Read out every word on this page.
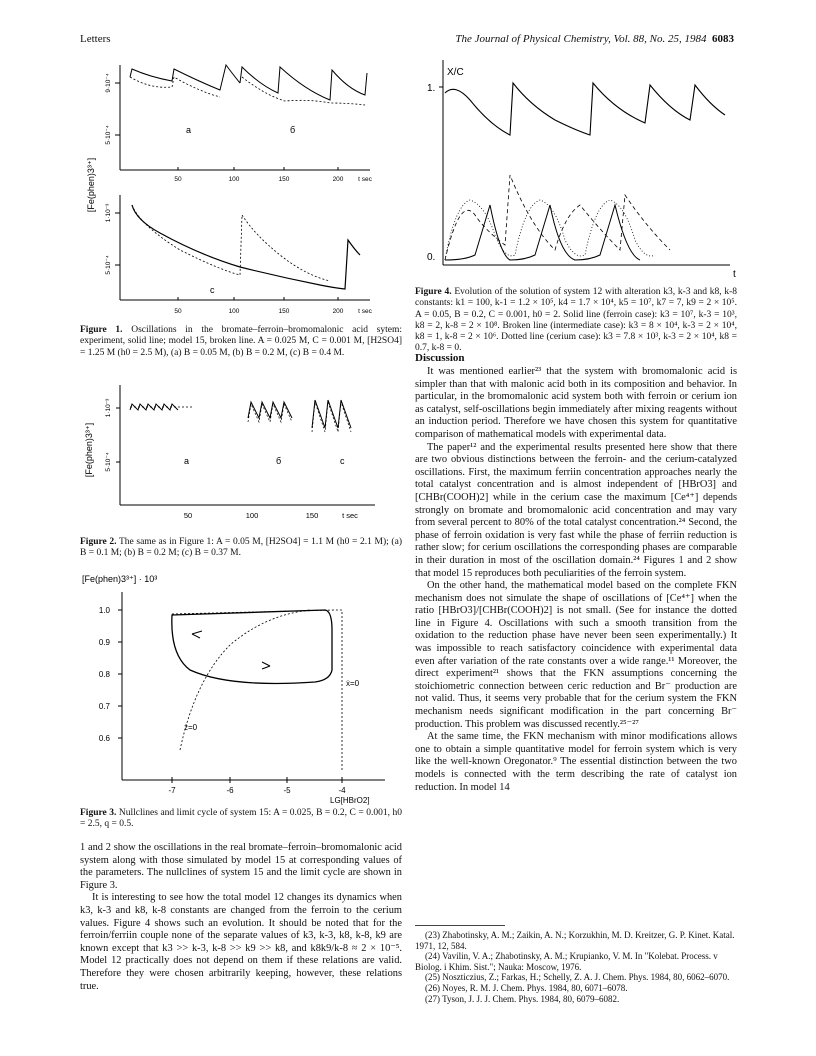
Letters	The Journal of Physical Chemistry, Vol. 88, No. 25, 1984 6083
[Fe(phen)3³⁺]
9·10⁻⁴
5·10⁻⁴	a	б
50	100	150	200 t sec
1·10⁻³
5·10⁻⁴
c
50	100	150	200 t sec
Figure 1. Oscillations in the bromate–ferroin–bromomalonic acid sytem: experiment, solid line; model 15, broken line. A = 0.025 M, C = 0.001 M, [H2SO4] = 1.25 M (h0 = 2.5 M), (a) B = 0.05 M, (b) B = 0.2 M, (c) B = 0.4 M.
[Fe(phen)3³⁺]
1·10⁻³
5·10⁻⁴	a	б	c
50	100	150	t sec
Figure 2. The same as in Figure 1: A = 0.05 M, [H2SO4] = 1.1 M (h0 = 2.1 M); (a) B = 0.1 M; (b) B = 0.2 M; (c) B = 0.37 M.
[Fe(phen)3³⁺] · 10³
1.0
0.9
0.8
0.7
0.6
ẋ=0
ż=0
-7	-6	-5	-4
LG[HBrO2]
Figure 3. Nullclines and limit cycle of system 15: A = 0.025, B = 0.2, C = 0.001, h0 = 2.5, q = 0.5.

1 and 2 show the oscillations in the real bromate–ferroin–bromomalonic acid system along with those simulated by model 15 at corresponding values of the parameters. The nullclines of system 15 and the limit cycle are shown in Figure 3.

It is interesting to see how the total model 12 changes its dynamics when k3, k-3 and k8, k-8 constants are changed from the ferroin to the cerium values. Figure 4 shows such an evolution. It should be noted that for the ferroin/ferriin couple none of the separate values of k3, k-3, k8, k-8, k9 are known except that k3 >> k-3, k-8 >> k9 >> k8, and k8k9/k-8 ≈ 2 × 10⁻⁵. Model 12 practically does not depend on them if these relations are valid. Therefore they were chosen arbitrarily keeping, however, these relations true.

X/C
1.
0.
t
Figure 4. Evolution of the solution of system 12 with alteration k3, k-3 and k8, k-8 constants: k1 = 100, k-1 = 1.2 × 10⁵, k4 = 1.7 × 10⁴, k5 = 10⁷, k7 = 7, k9 = 2 × 10⁵. A = 0.05, B = 0.2, C = 0.001, h0 = 2. Solid line (ferroin case): k3 = 10⁷, k-3 = 10³, k8 = 2, k-8 = 2 × 10⁸. Broken line (intermediate case): k3 = 8 × 10⁴, k-3 = 2 × 10⁴, k8 = 1, k-8 = 2 × 10⁶. Dotted line (cerium case): k3 = 7.8 × 10³, k-3 = 2 × 10⁴, k8 = 0.7, k-8 = 0.
Discussion

It was mentioned earlier²³ that the system with bromomalonic acid is simpler than that with malonic acid both in its composition and behavior. In particular, in the bromomalonic acid system both with ferroin or cerium ion as catalyst, self-oscillations begin immediately after mixing reagents without an induction period. Therefore we have chosen this system for quantitative comparison of mathematical models with experimental data.

The paper¹² and the experimental results presented here show that there are two obvious distinctions between the ferroin- and the cerium-catalyzed oscillations. First, the maximum ferriin concentration approaches nearly the total catalyst concentration and is almost independent of [HBrO3] and [CHBr(COOH)2] while in the cerium case the maximum [Ce⁴⁺] depends strongly on bromate and bromomalonic acid concentration and may vary from several percent to 80% of the total catalyst concentration.²⁴ Second, the phase of ferroin oxidation is very fast while the phase of ferriin reduction is rather slow; for cerium oscillations the corresponding phases are comparable in their duration in most of the oscillation domain.²⁴ Figures 1 and 2 show that model 15 reproduces both peculiarities of the ferroin system.

On the other hand, the mathematical model based on the complete FKN mechanism does not simulate the shape of oscillations of [Ce⁴⁺] when the ratio [HBrO3]/[CHBr(COOH)2] is not small. (See for instance the dotted line in Figure 4. Oscillations with such a smooth transition from the oxidation to the reduction phase have never been seen experimentally.) It was impossible to reach satisfactory coincidence with experimental data even after variation of the rate constants over a wide range.¹¹ Moreover, the direct experiment²¹ shows that the FKN assumptions concerning the stoichiometric connection between ceric reduction and Br⁻ production are not valid. Thus, it seems very probable that for the cerium system the FKN mechanism needs significant modification in the part concerning Br⁻ production. This problem was discussed recently.²⁵⁻²⁷

At the same time, the FKN mechanism with minor modifications allows one to obtain a simple quantitative model for ferroin system which is very like the well-known Oregonator.⁹ The essential distinction between the two models is connected with the term describing the rate of catalyst ion reduction. In model 14

(23) Zhabotinsky, A. M.; Zaikin, A. N.; Korzukhin, M. D. Kreitzer, G. P. Kinet. Katal. 1971, 12, 584.
(24) Vavilin, V. A.; Zhabotinsky, A. M.; Krupianko, V. M. In "Kolebat. Process. v Biolog. i Khim. Sist."; Nauka: Moscow, 1976.
(25) Noszticzius, Z.; Farkas, H.; Schelly, Z. A. J. Chem. Phys. 1984, 80, 6062–6070.
(26) Noyes, R. M. J. Chem. Phys. 1984, 80, 6071–6078.
(27) Tyson, J. J. J. Chem. Phys. 1984, 80, 6079–6082.
